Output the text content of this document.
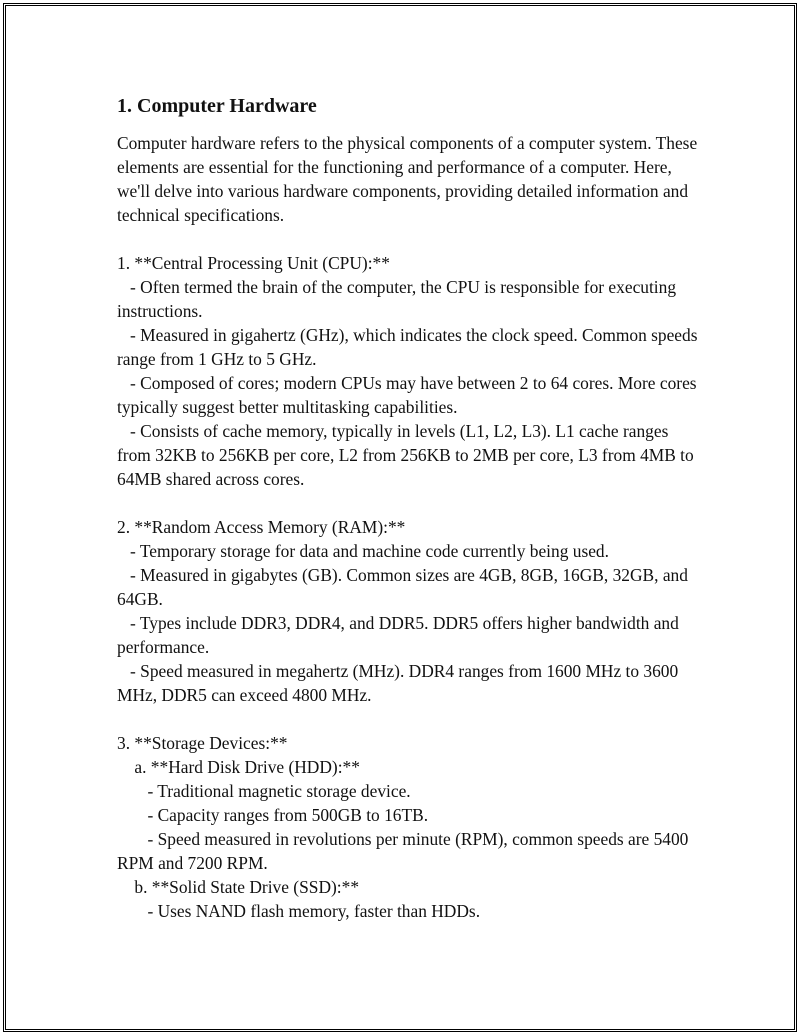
1. Computer Hardware

Computer hardware refers to the physical components of a computer system. These elements are essential for the functioning and performance of a computer. Here, we'll delve into various hardware components, providing detailed information and technical specifications.

1. **Central Processing Unit (CPU):**
- Often termed the brain of the computer, the CPU is responsible for executing instructions.
- Measured in gigahertz (GHz), which indicates the clock speed. Common speeds range from 1 GHz to 5 GHz.
- Composed of cores; modern CPUs may have between 2 to 64 cores. More cores typically suggest better multitasking capabilities.
- Consists of cache memory, typically in levels (L1, L2, L3). L1 cache ranges from 32KB to 256KB per core, L2 from 256KB to 2MB per core, L3 from 4MB to 64MB shared across cores.
2. **Random Access Memory (RAM):**
- Temporary storage for data and machine code currently being used.
- Measured in gigabytes (GB). Common sizes are 4GB, 8GB, 16GB, 32GB, and 64GB.
- Types include DDR3, DDR4, and DDR5. DDR5 offers higher bandwidth and performance.
- Speed measured in megahertz (MHz). DDR4 ranges from 1600 MHz to 3600 MHz, DDR5 can exceed 4800 MHz.
3. **Storage Devices:**
a. **Hard Disk Drive (HDD):**
- Traditional magnetic storage device.
- Capacity ranges from 500GB to 16TB.
- Speed measured in revolutions per minute (RPM), common speeds are 5400 RPM and 7200 RPM.
b. **Solid State Drive (SSD):**
- Uses NAND flash memory, faster than HDDs.
